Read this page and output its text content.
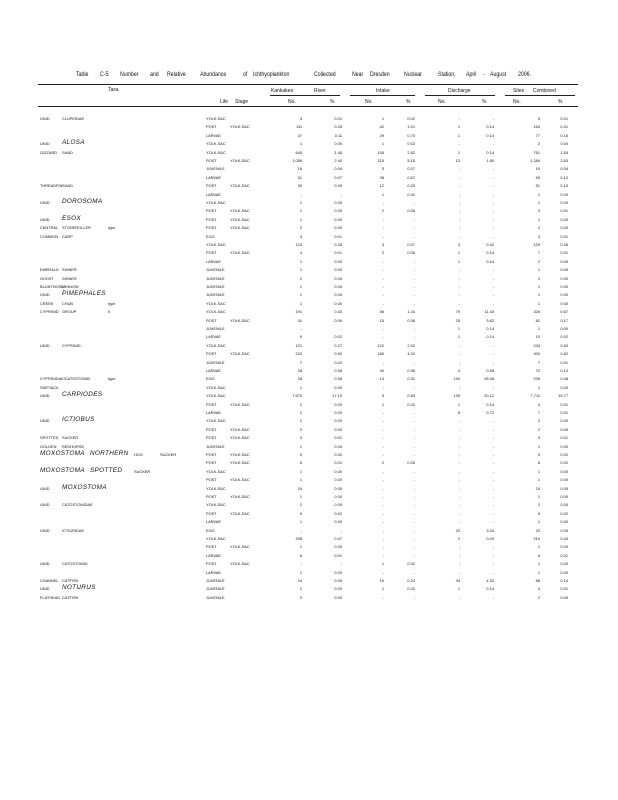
Table C-5. Number and Relative	Abundance	of Ichthyoplankton	Collected	Near Dresden	Nuclear	Station, April - August 2006.
Taxa	Kankakee	River	Intake	Discharge	Sites Combined
Life Stage	No.	%	No.	%	No.	%	No.	%
UNID	CLUPEIDAE	YOLK-SAC	4	0.01	1	0.02	-	-	5	0.01
POST	YOLK-SAC	111	0.25	42	1.01	1	0.14	154	0.31
LARVAE	47	0.11	29	0.70	1	0.14	77	0.16
UNID ALOSA	YOLK-SAC	1	0.00	1	0.02	-	-	2	0.00
GIZZARD SHAD	YOLK-SAC	645	1.45	105	2.52	1	0.14	751	1.54
POST	YOLK-SAC	1,056	2.40	215	5.15	13	1.80	1,284	2.63
JUVENILE	16	0.04	3	0.07	-	-	19	0.04
LARVAE	31	0.07	28	0.67	-	-	59	0.12
THREADFIN SHAD	POST	YOLK-SAC	39	0.09	12	0.29	-	-	51	0.10
LARVAE	-	-	1	0.02	-	-	1	0.00
UNID DOROSOMA	YOLK-SAC	1	0.00	-	-	-	-	1	0.00
POST	YOLK-SAC	1	0.00	2	0.05	-	-	3	0.01
UNID ESOX	POST	YOLK-SAC	1	0.00	-	-	-	-	1	0.00
CENTRAL STONEROLLER	type	POST	YOLK-SAC	2	0.00	-	-	-	-	2	0.00
COMMON CARP	EGG	3	0.01	-	-	-	-	3	0.01
YOLK-SAC	123	0.28	3	0.07	3	0.42	129	0.26
POST	YOLK-SAC	4	0.01	2	0.05	1	0.14	7	0.01
LARVAE	1	0.00	-	-	1	0.14	2	0.00
EMERALD SHINER	JUVENILE	1	0.00	-	-	-	-	1	0.00
GHOST SHINER	JUVENILE	2	0.00	-	-	-	-	2	0.00
BLUNTNOSE
MINNOW	JUVENILE	1	0.00	-	-	-	-	1	0.00
UNID PIMEPHALES	JUVENILE	1	0.00	-	-	-	-	1	0.00
CREEK CHUB	type	YOLK-SAC	1	0.00	-	-	-	-	1	0.00
CYPRINID GROUP	II	YOLK-SAC	191	0.43	56	1.34	79	11.43	326	0.67
POST	YOLK-SAC	41	0.09	15	0.36	25	3.62	81	0.17
JUVENILE	-	-	-	-	1	0.14	1	0.00
LARVAE	9	0.02	-	-	1	0.14	10	0.02
UNID	CYPRINID	YOLK-SAC	121	0.27	122	2.92	-	-	243	0.50
POST	YOLK-SAC	220	0.50	180	4.31	-	-	400	0.82
JUVENILE	7	0.02	-	-	-	-	7	0.01
LARVAE	28	0.06	40	0.96	4	0.58	72	0.14
CYPRINIDAE/CATOSTOMID	type	EGG	28	0.06	13	0.31	194	28.08	235	0.48
SKIPJACK	YOLK-SAC	1	0.00	-	-	-	-	1	0.00
UNID CARPIODES	YOLK-SAC	7,570	17.19	3	0.69	139	20.12	7,711	15.77
POST	YOLK-SAC	2	0.00	1	0.02	1	0.14	4	0.01
LARVAE	2	0.00	-	-	5	0.72	7	0.01
UNID ICTIOBUS	YOLK-SAC	2	0.00	-	-	-	-	2	0.00
POST	YOLK-SAC	2	0.00	-	-	-	-	2	0.00
SPOTTED SUCKER	POST	YOLK-SAC	3	0.01	-	-	-	-	3	0.01
GOLDEN REDHORSE	JUVENILE	1	0.00	-	-	-	-	1	0.00
MOXOSTOMA NORTHERN HOG	SUCKER	POST	YOLK-SAC	9	0.02	-	-	-	-	9	0.02
POST	YOLK-SAC	6	0.01	2	0.05	-	-	8	0.02
MOXOSTOMA SPOTTED	SUCKER	YOLK-SAC	1	0.00	-	-	-	-	1	0.00
POST	YOLK-SAC	1	0.00	-	-	-	-	1	0.00
UNID MOXOSTOMA	YOLK-SAC	24	0.05	-	-	-	-	24	0.05
POST	YOLK-SAC	1	0.00	-	-	-	-	1	0.00
UNID	CATOSTOMIDAE	YOLK-SAC	2	0.00	-	-	-	-	2	0.00
POST	YOLK-SAC	9	0.02	-	-	-	-	9	0.02
LARVAE	1	0.00	-	-	-	-	1	0.00
UNID	ICTIURIDAE	EGG	-	-	-	-	23	3.33	23	0.05
YOLK-SAC	208	0.47	-	-	2	0.29	210	0.43
POST	YOLK-SAC	1	0.00	-	-	-	-	1	0.00
LARVAE	6	0.01	-	-	-	-	6	0.01
UNID	CATOSTOMID	POST	YOLK-SAC	-	-	1	0.02	-	-	1	0.00
LARVAE	1	0.00	-	-	-	-	1	0.00
CHANNEL CATFISH	JUVENILE	24	0.05	10	0.24	34	4.92	68	0.14
UNID NOTURUS	JUVENILE	2	0.00	1	0.02	1	0.14	4	0.01
FLATHEAD CATFISH	JUVENILE	2	0.00	-	-	-	-	2	0.00
